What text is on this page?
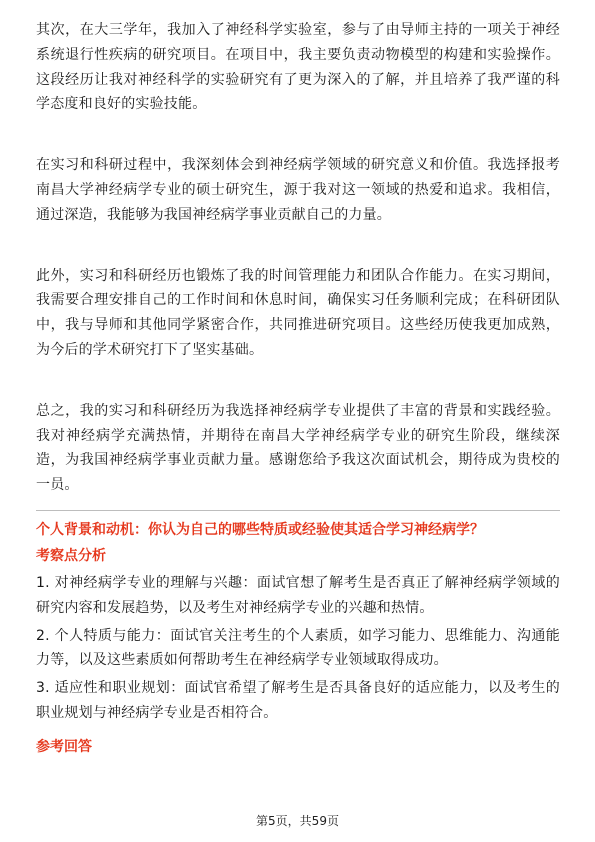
其次，在大三学年，我加入了神经科学实验室，参与了由导师主持的一项关于神经系统退行性疾病的研究项目。在项目中，我主要负责动物模型的构建和实验操作。这段经历让我对神经科学的实验研究有了更为深入的了解，并且培养了我严谨的科学态度和良好的实验技能。

在实习和科研过程中，我深刻体会到神经病学领域的研究意义和价值。我选择报考南昌大学神经病学专业的硕士研究生，源于我对这一领域的热爱和追求。我相信，通过深造，我能够为我国神经病学事业贡献自己的力量。

此外，实习和科研经历也锻炼了我的时间管理能力和团队合作能力。在实习期间，我需要合理安排自己的工作时间和休息时间，确保实习任务顺利完成；在科研团队中，我与导师和其他同学紧密合作，共同推进研究项目。这些经历使我更加成熟，为今后的学术研究打下了坚实基础。

总之，我的实习和科研经历为我选择神经病学专业提供了丰富的背景和实践经验。我对神经病学充满热情，并期待在南昌大学神经病学专业的研究生阶段，继续深造，为我国神经病学事业贡献力量。感谢您给予我这次面试机会，期待成为贵校的一员。

个人背景和动机：你认为自己的哪些特质或经验使其适合学习神经病学？
考察点分析
1. 对神经病学专业的理解与兴趣：面试官想了解考生是否真正了解神经病学领域的研究内容和发展趋势，以及考生对神经病学专业的兴趣和热情。
2. 个人特质与能力：面试官关注考生的个人素质，如学习能力、思维能力、沟通能力等，以及这些素质如何帮助考生在神经病学专业领域取得成功。
3. 适应性和职业规划：面试官希望了解考生是否具备良好的适应能力，以及考生的职业规划与神经病学专业是否相符合。
参考回答
第5页，共59页
